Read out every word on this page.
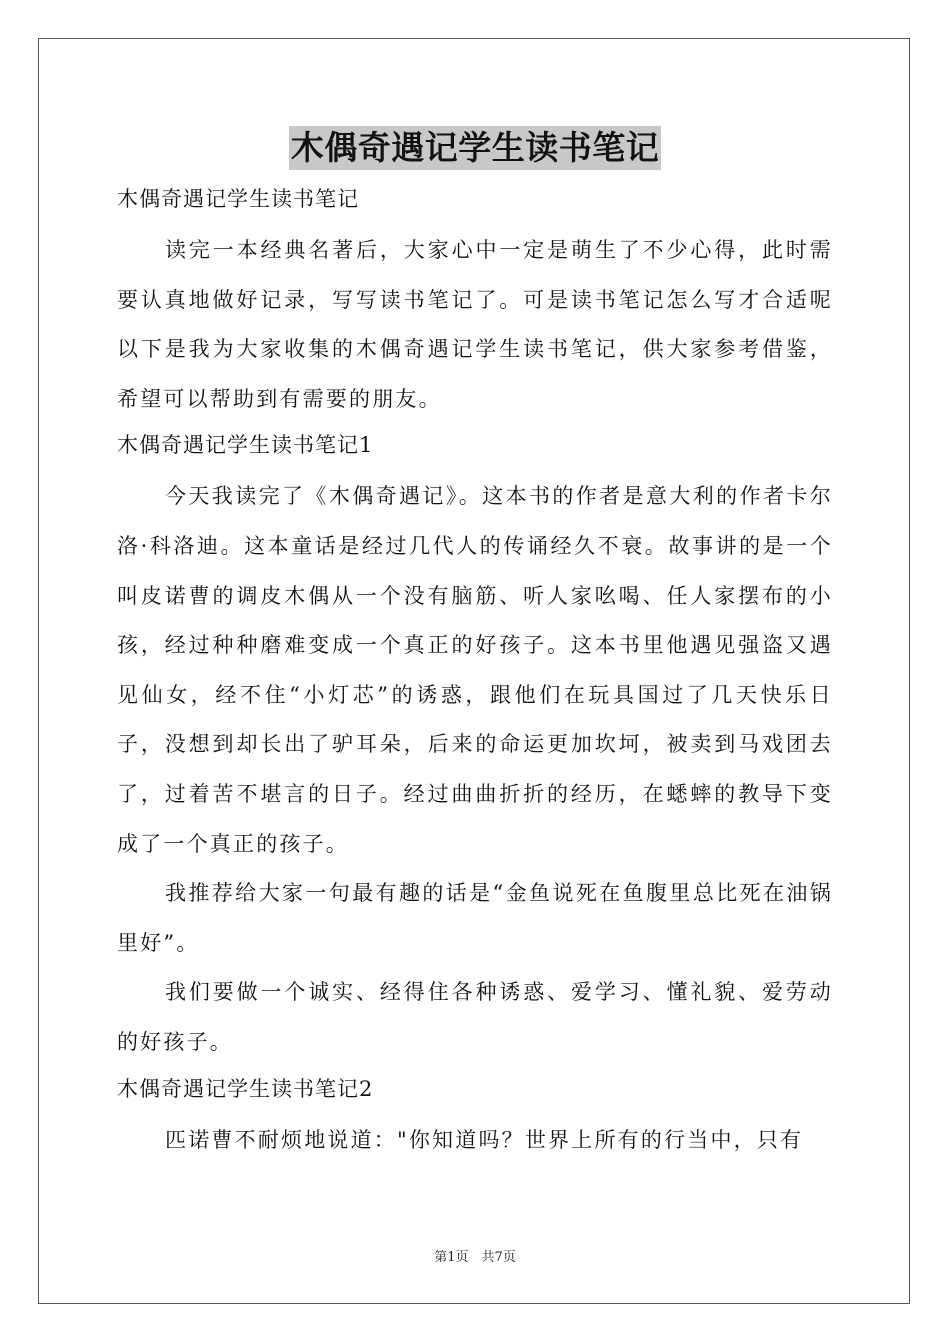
木偶奇遇记学生读书笔记
木偶奇遇记学生读书笔记

读完一本经典名著后，大家心中一定是萌生了不少心得，此时需要认真地做好记录，写写读书笔记了。可是读书笔记怎么写才合适呢以下是我为大家收集的木偶奇遇记学生读书笔记，供大家参考借鉴，希望可以帮助到有需要的朋友。

木偶奇遇记学生读书笔记1

今天我读完了《木偶奇遇记》。这本书的作者是意大利的作者卡尔洛·科洛迪。这本童话是经过几代人的传诵经久不衰。故事讲的是一个叫皮诺曹的调皮木偶从一个没有脑筋、听人家吆喝、任人家摆布的小孩，经过种种磨难变成一个真正的好孩子。这本书里他遇见强盗又遇见仙女，经不住“小灯芯”的诱惑，跟他们在玩具国过了几天快乐日子，没想到却长出了驴耳朵，后来的命运更加坎坷，被卖到马戏团去了，过着苦不堪言的日子。经过曲曲折折的经历，在蟋蟀的教导下变成了一个真正的孩子。

我推荐给大家一句最有趣的话是“金鱼说死在鱼腹里总比死在油锅里好”。

我们要做一个诚实、经得住各种诱惑、爱学习、懂礼貌、爱劳动的好孩子。

木偶奇遇记学生读书笔记2

匹诺曹不耐烦地说道："你知道吗？世界上所有的行当中，只有

第1页　共7页
